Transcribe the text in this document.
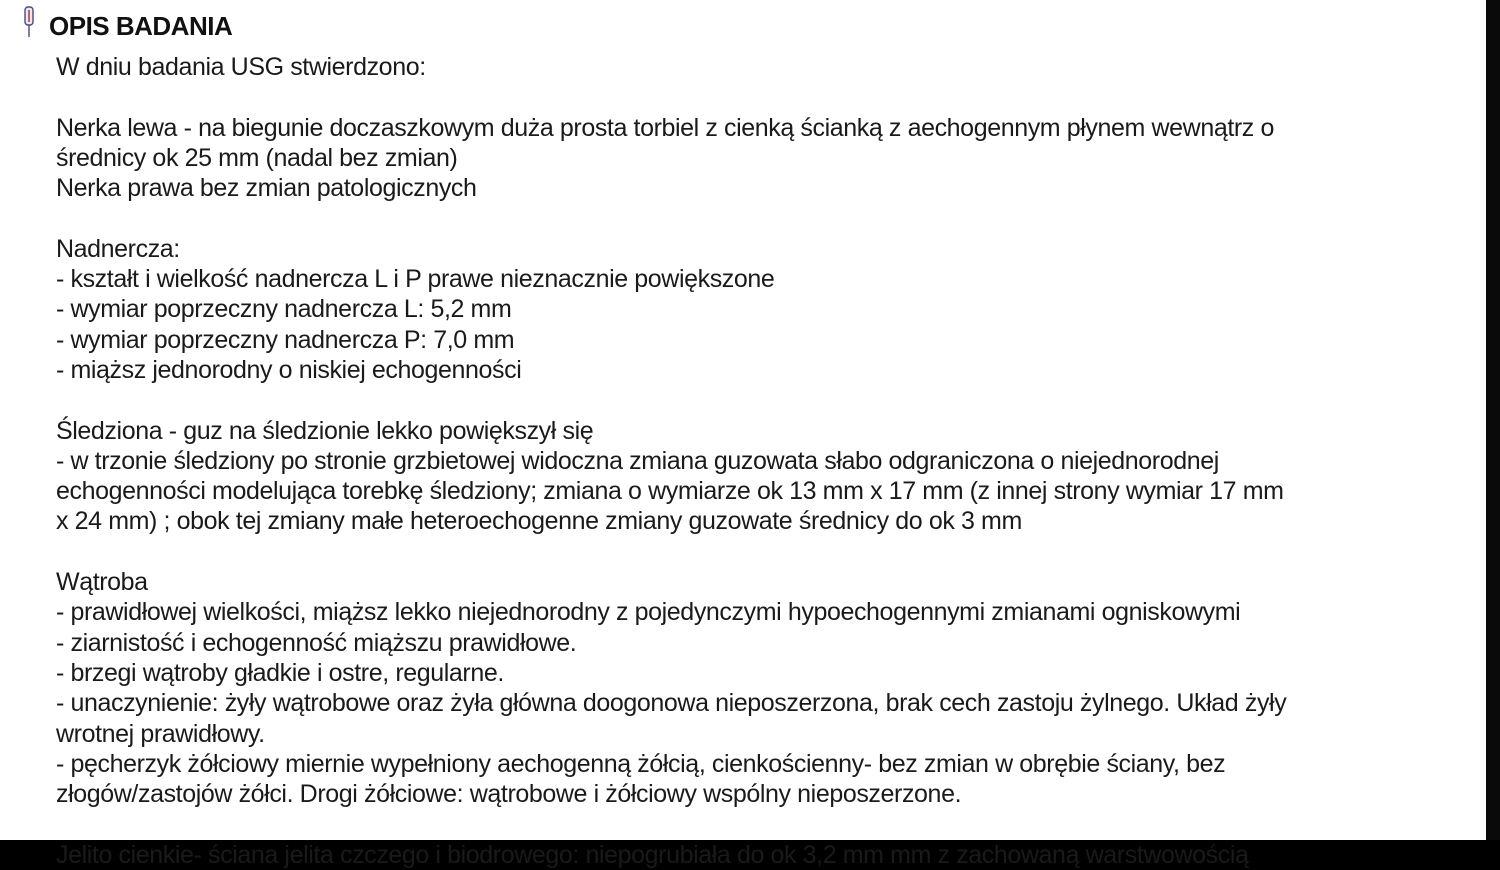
OPIS BADANIA
W dniu badania USG stwierdzono:
Nerka lewa - na biegunie doczaszkowym duża prosta torbiel z cienką ścianką z aechogennym płynem wewnątrz o
średnicy ok 25 mm (nadal bez zmian)
Nerka prawa bez zmian patologicznych
Nadnercza:
- kształt i wielkość nadnercza L i P prawe nieznacznie powiększone
- wymiar poprzeczny nadnercza L: 5,2 mm
- wymiar poprzeczny nadnercza P: 7,0 mm
- miąższ jednorodny o niskiej echogenności
Śledziona - guz na śledzionie lekko powiększył się
- w trzonie śledziony po stronie grzbietowej widoczna zmiana guzowata słabo odgraniczona o niejednorodnej
echogenności modelująca torebkę śledziony; zmiana o wymiarze ok 13 mm x 17 mm (z innej strony wymiar 17 mm
x 24 mm) ; obok tej zmiany małe heteroechogenne zmiany guzowate średnicy do ok 3 mm
Wątroba
- prawidłowej wielkości, miąższ lekko niejednorodny z pojedynczymi hypoechogennymi zmianami ogniskowymi
- ziarnistość i echogenność miąższu prawidłowe.
- brzegi wątroby gładkie i ostre, regularne.
- unaczynienie: żyły wątrobowe oraz żyła główna doogonowa nieposzerzona, brak cech zastoju żylnego. Układ żyły
wrotnej prawidłowy.
- pęcherzyk żółciowy miernie wypełniony aechogenną żółcią, cienkościenny- bez zmian w obrębie ściany, bez
złogów/zastojów żółci. Drogi żółciowe: wątrobowe i żółciowy wspólny nieposzerzone.
Jelito cienkie- ściana jelita czczego i biodrowego: niepogrubiała do ok 3,2 mm mm z zachowaną warstwowością
